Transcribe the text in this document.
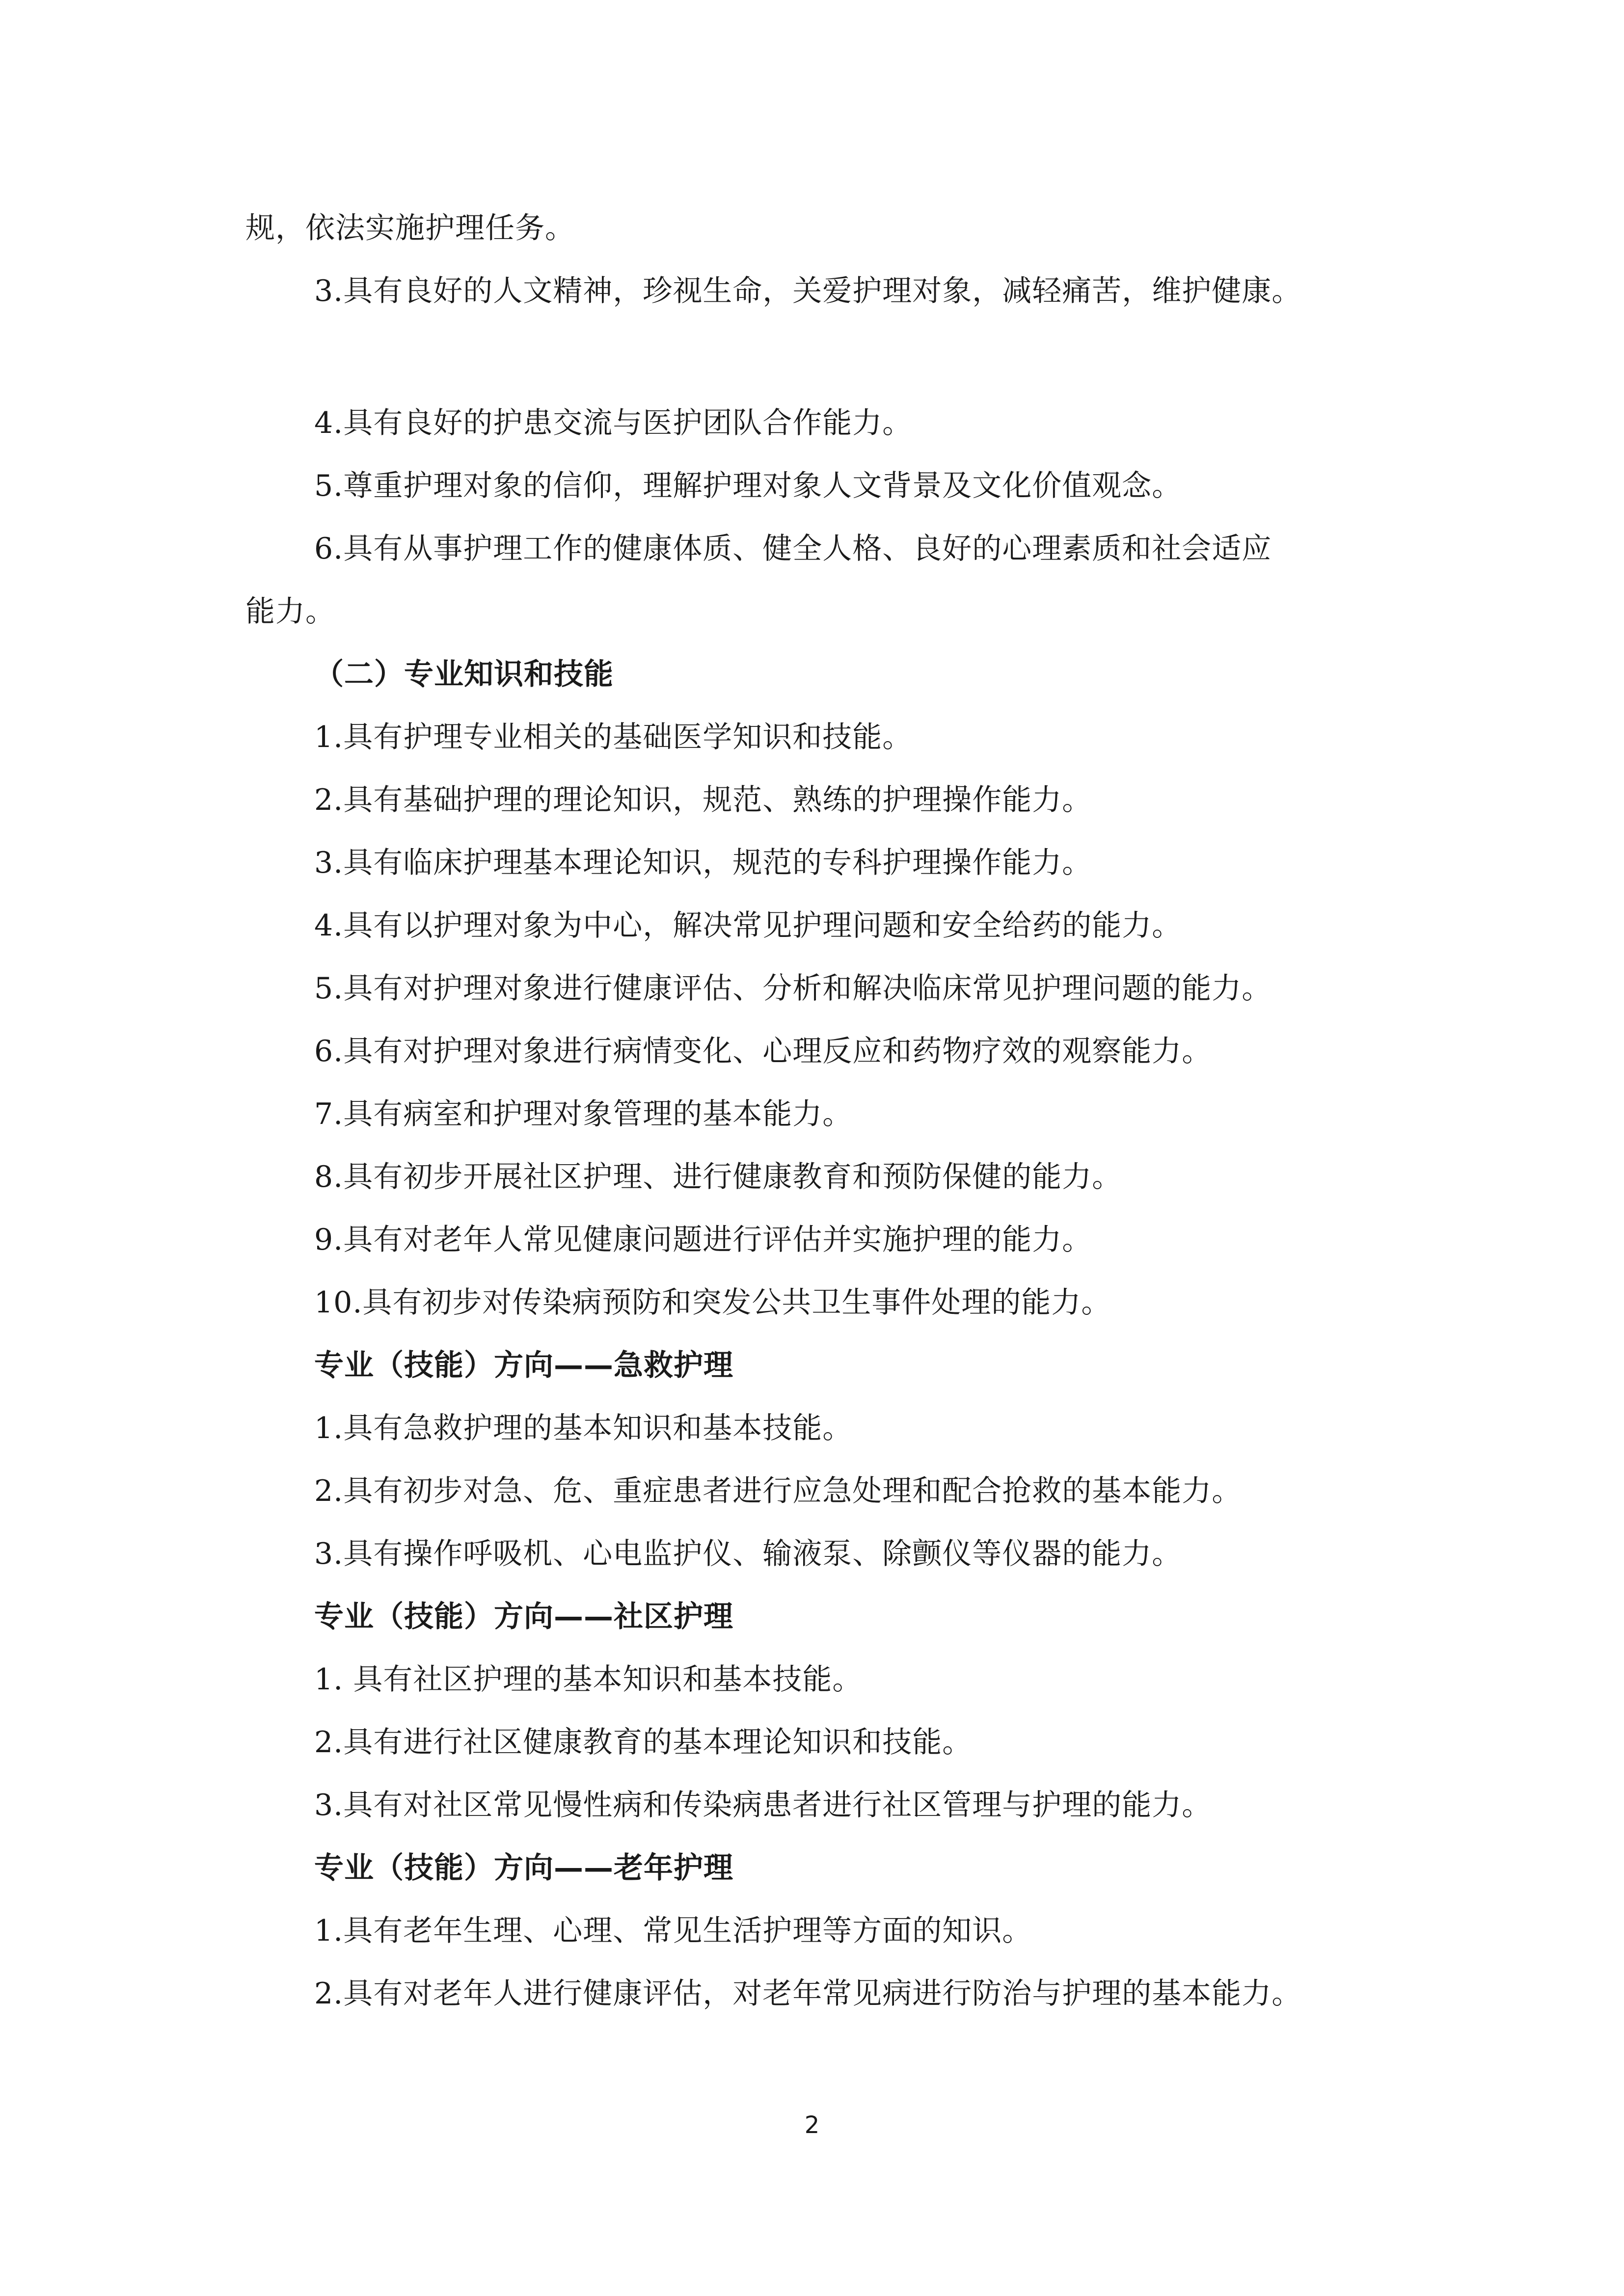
规，依法实施护理任务。
3.具有良好的人文精神，珍视生命，关爱护理对象，减轻痛苦，维护健康。
4.具有良好的护患交流与医护团队合作能力。
5.尊重护理对象的信仰，理解护理对象人文背景及文化价值观念。
6.具有从事护理工作的健康体质、健全人格、良好的心理素质和社会适应
能力。
（二）专业知识和技能
1.具有护理专业相关的基础医学知识和技能。
2.具有基础护理的理论知识，规范、熟练的护理操作能力。
3.具有临床护理基本理论知识，规范的专科护理操作能力。
4.具有以护理对象为中心，解决常见护理问题和安全给药的能力。
5.具有对护理对象进行健康评估、分析和解决临床常见护理问题的能力。
6.具有对护理对象进行病情变化、心理反应和药物疗效的观察能力。
7.具有病室和护理对象管理的基本能力。
8.具有初步开展社区护理、进行健康教育和预防保健的能力。
9.具有对老年人常见健康问题进行评估并实施护理的能力。
10.具有初步对传染病预防和突发公共卫生事件处理的能力。
专业（技能）方向——急救护理
1.具有急救护理的基本知识和基本技能。
2.具有初步对急、危、重症患者进行应急处理和配合抢救的基本能力。
3.具有操作呼吸机、心电监护仪、输液泵、除颤仪等仪器的能力。
专业（技能）方向——社区护理
1. 具有社区护理的基本知识和基本技能。
2.具有进行社区健康教育的基本理论知识和技能。
3.具有对社区常见慢性病和传染病患者进行社区管理与护理的能力。
专业（技能）方向——老年护理
1.具有老年生理、心理、常见生活护理等方面的知识。
2.具有对老年人进行健康评估，对老年常见病进行防治与护理的基本能力。
2
